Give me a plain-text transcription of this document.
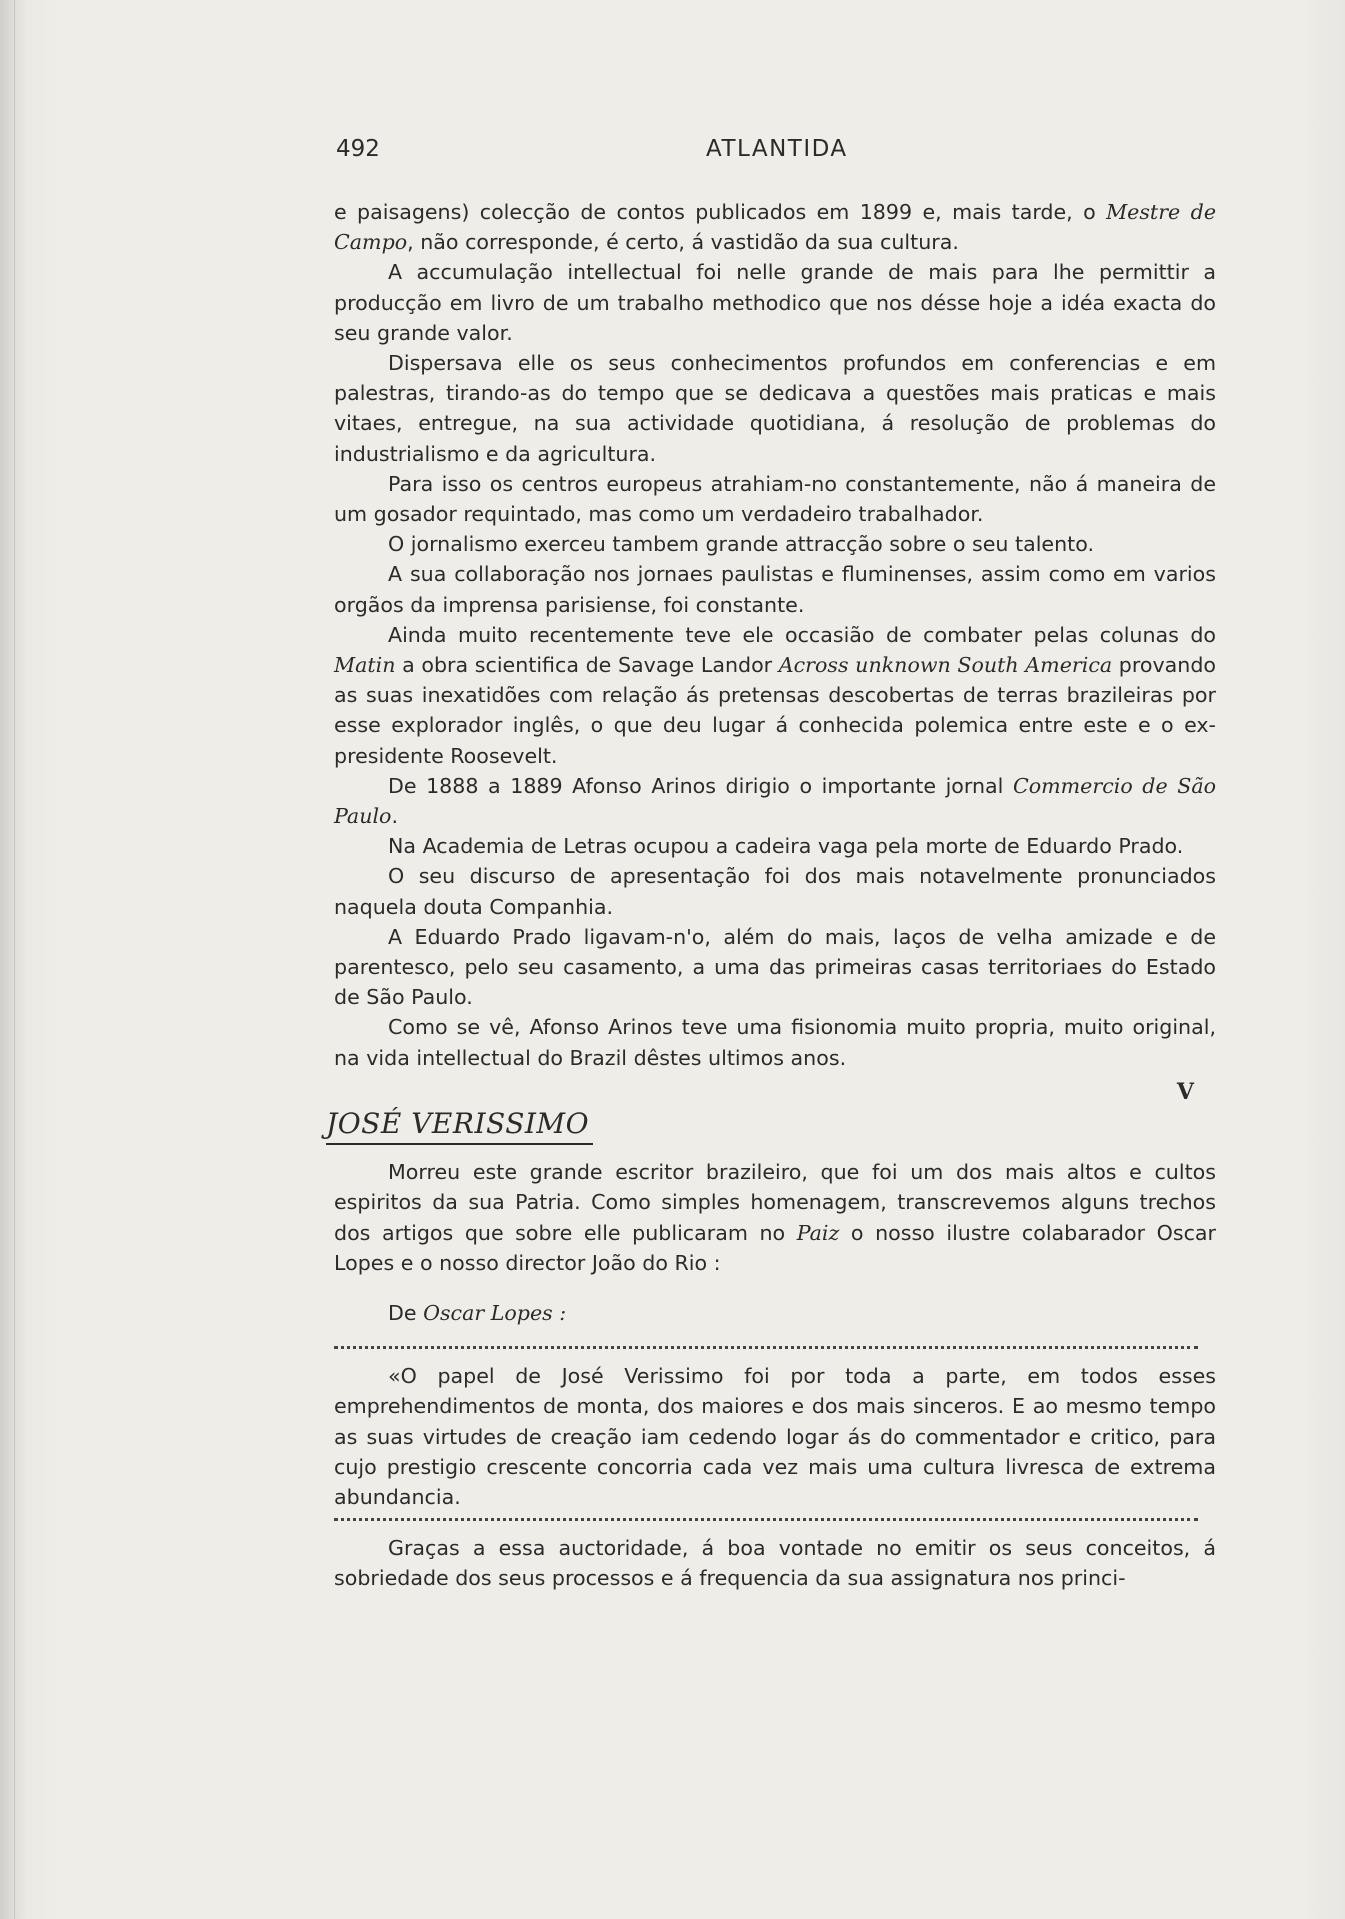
492	ATLANTIDA

e paisagens) colecção de contos publicados em 1899 e, mais tarde, o Mestre de Campo, não corresponde, é certo, á vastidão da sua cultura.

A accumulação intellectual foi nelle grande de mais para lhe permittir a producção em livro de um trabalho methodico que nos désse hoje a idéa exacta do seu grande valor.

Dispersava elle os seus conhecimentos profundos em conferencias e em palestras, tirando-as do tempo que se dedicava a questões mais praticas e mais vitaes, entregue, na sua actividade quotidiana, á resolução de problemas do industrialismo e da agricultura.

Para isso os centros europeus atrahiam-no constantemente, não á maneira de um gosador requintado, mas como um verdadeiro trabalhador.

O jornalismo exerceu tambem grande attracção sobre o seu talento.

A sua collaboração nos jornaes paulistas e fluminenses, assim como em varios orgãos da imprensa parisiense, foi constante.

Ainda muito recentemente teve ele occasião de combater pelas colunas do Matin a obra scientifica de Savage Landor Across unknown South America provando as suas inexatidões com relação ás pretensas descobertas de terras brazileiras por esse explorador inglês, o que deu lugar á conhecida polemica entre este e o ex-presidente Roosevelt.

De 1888 a 1889 Afonso Arinos dirigio o importante jornal Commercio de São Paulo.

Na Academia de Letras ocupou a cadeira vaga pela morte de Eduardo Prado.

O seu discurso de apresentação foi dos mais notavelmente pronunciados naquela douta Companhia.

A Eduardo Prado ligavam-n'o, além do mais, laços de velha amizade e de parentesco, pelo seu casamento, a uma das primeiras casas territoriaes do Estado de São Paulo.

Como se vê, Afonso Arinos teve uma fisionomia muito propria, muito original, na vida intellectual do Brazil dêstes ultimos anos.

V
JOSÉ VERISSIMO

Morreu este grande escritor brazileiro, que foi um dos mais altos e cultos espiritos da sua Patria. Como simples homenagem, transcrevemos alguns trechos dos artigos que sobre elle publicaram no Paiz o nosso ilustre colabarador Oscar Lopes e o nosso director João do Rio :

De Oscar Lopes :

«O papel de José Verissimo foi por toda a parte, em todos esses emprehendimentos de monta, dos maiores e dos mais sinceros. E ao mesmo tempo as suas virtudes de creação iam cedendo logar ás do commentador e critico, para cujo prestigio crescente concorria cada vez mais uma cultura livresca de extrema abundancia.

Graças a essa auctoridade, á boa vontade no emitir os seus conceitos, á sobriedade dos seus processos e á frequencia da sua assignatura nos princi-
